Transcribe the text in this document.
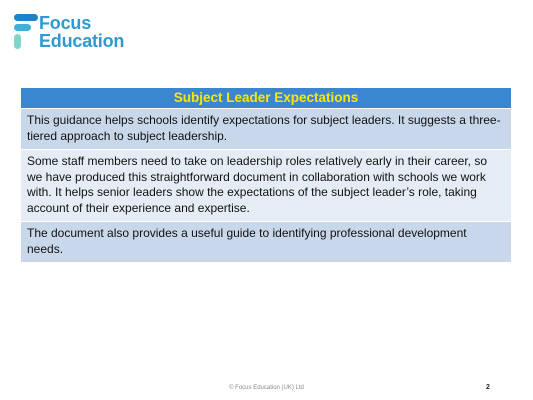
Focus
Education
Subject Leader Expectations
This guidance helps schools identify expectations for subject leaders. It suggests a three-tiered approach to subject leadership.
Some staff members need to take on leadership roles relatively early in their career, so we have produced this straightforward document in collaboration with schools we work with. It helps senior leaders show the expectations of the subject leader’s role, taking account of their experience and expertise.
The document also provides a useful guide to identifying professional development needs.
© Focus Education (UK) Ltd	2
